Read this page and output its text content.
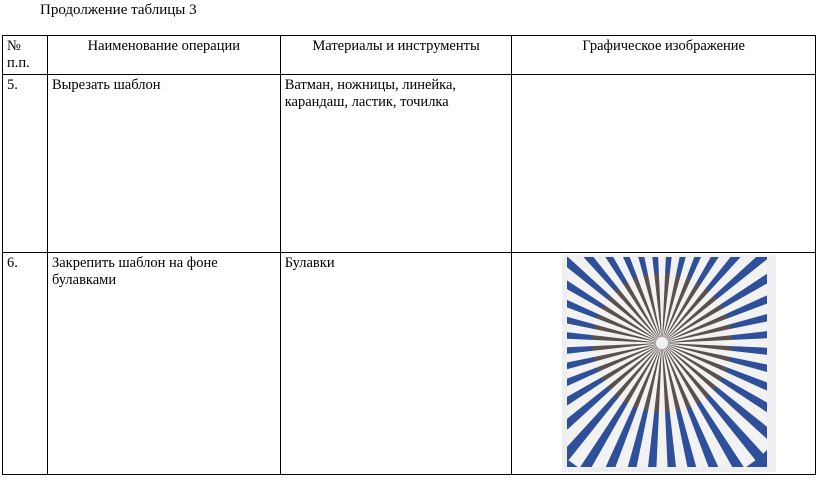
Продолжение таблицы 3
№ п.п.	Наименование операции	Материалы и инструменты	Графическое изображение
5.	Вырезать шаблон	Ватман, ножницы, линейка, карандаш, ластик, точилка	
6.	Закрепить шаблон на фоне булавками	Булавки	
